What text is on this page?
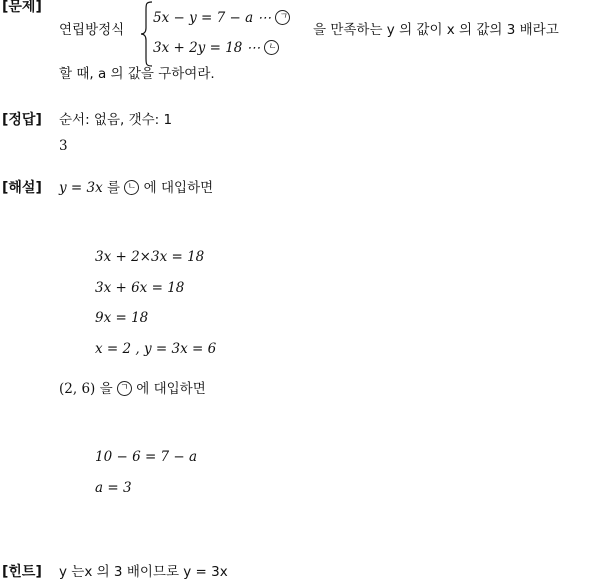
[문제]
연립방정식
5x − y = 7 − a ⋯ ㄱ
3x + 2y = 18 ⋯ ㄴ
을 만족하는 y 의 값이 x 의 값의 3 배라고
할 때, a 의 값을 구하여라.
[정답] 순서: 없음, 갯수: 1
3
[해설] y = 3x 를 ㄴ 에 대입하면
3x + 2×3x = 18
3x + 6x = 18
9x = 18
x = 2 , y = 3x = 6
(2, 6) 을 ㄱ 에 대입하면
10 − 6 = 7 − a
a = 3
[힌트] y 는x 의 3 배이므로 y = 3x
